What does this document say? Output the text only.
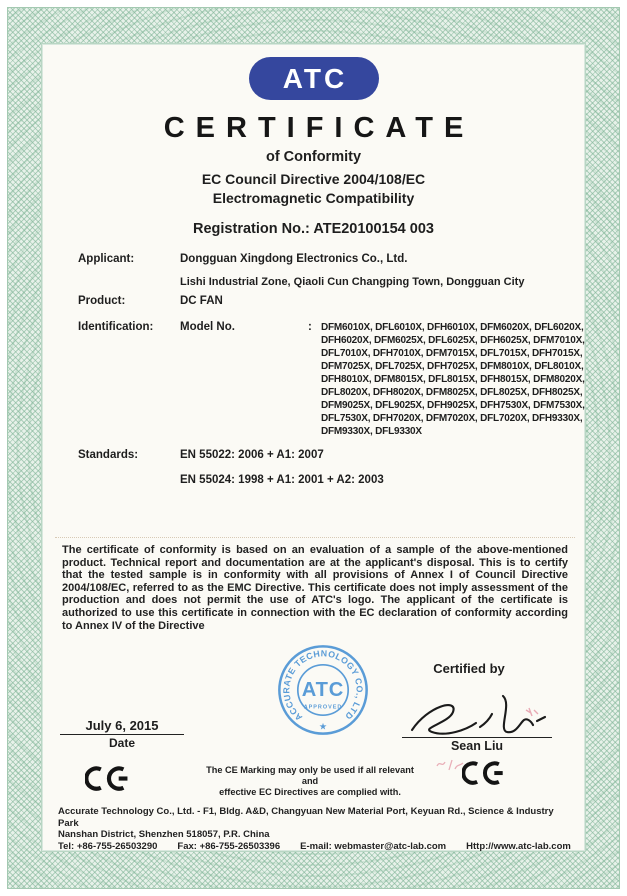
ATC
CERTIFICATE
of Conformity
EC Council Directive 2004/108/EC
Electromagnetic Compatibility
Registration No.: ATE20100154 003
Applicant:	Dongguan Xingdong Electronics Co., Ltd.
Lishi Industrial Zone, Qiaoli Cun Changping Town, Dongguan City
Product:	DC FAN
Identification: Model No.	: DFM6010X, DFL6010X, DFH6010X, DFM6020X, DFL6020X,
DFH6020X, DFM6025X, DFL6025X, DFH6025X, DFM7010X,
DFL7010X, DFH7010X, DFM7015X, DFL7015X, DFH7015X,
DFM7025X, DFL7025X, DFH7025X, DFM8010X, DFL8010X,
DFH8010X, DFM8015X, DFL8015X, DFH8015X, DFM8020X,
DFL8020X, DFH8020X, DFM8025X, DFL8025X, DFH8025X,
DFM9025X, DFL9025X, DFH9025X, DFH7530X, DFM7530X,
DFL7530X, DFH7020X, DFM7020X, DFL7020X, DFH9330X,
DFM9330X, DFL9330X
Standards:	EN 55022: 2006 + A1: 2007
EN 55024: 1998 + A1: 2001 + A2: 2003
The certificate of conformity is based on an evaluation of a sample of the above-mentioned product. Technical report and documentation are at the applicant's disposal. This is to certify that the tested sample is in conformity with all provisions of Annex I of Council Directive 2004/108/EC, referred to as the EMC Directive. This certificate does not imply assessment of the production and does not permit the use of ATC's logo. The applicant of the certificate is authorized to use this certificate in connection with the EC declaration of conformity according to Annex IV of the Directive
ACCURATE TECHNOLOGY CO., LTD
ATC
APPROVED
★
Certified by
Sean Liu
July 6, 2015
Date
The CE Marking may only be used if all relevant and
effective EC Directives are complied with.
Accurate Technology Co., Ltd. - F1, Bldg. A&D, Changyuan New Material Port, Keyuan Rd., Science & Industry Park
Nanshan District, Shenzhen 518057, P.R. China
Tel: +86-755-26503290 Fax: +86-755-26503396 E-mail: webmaster@atc-lab.com Http://www.atc-lab.com
